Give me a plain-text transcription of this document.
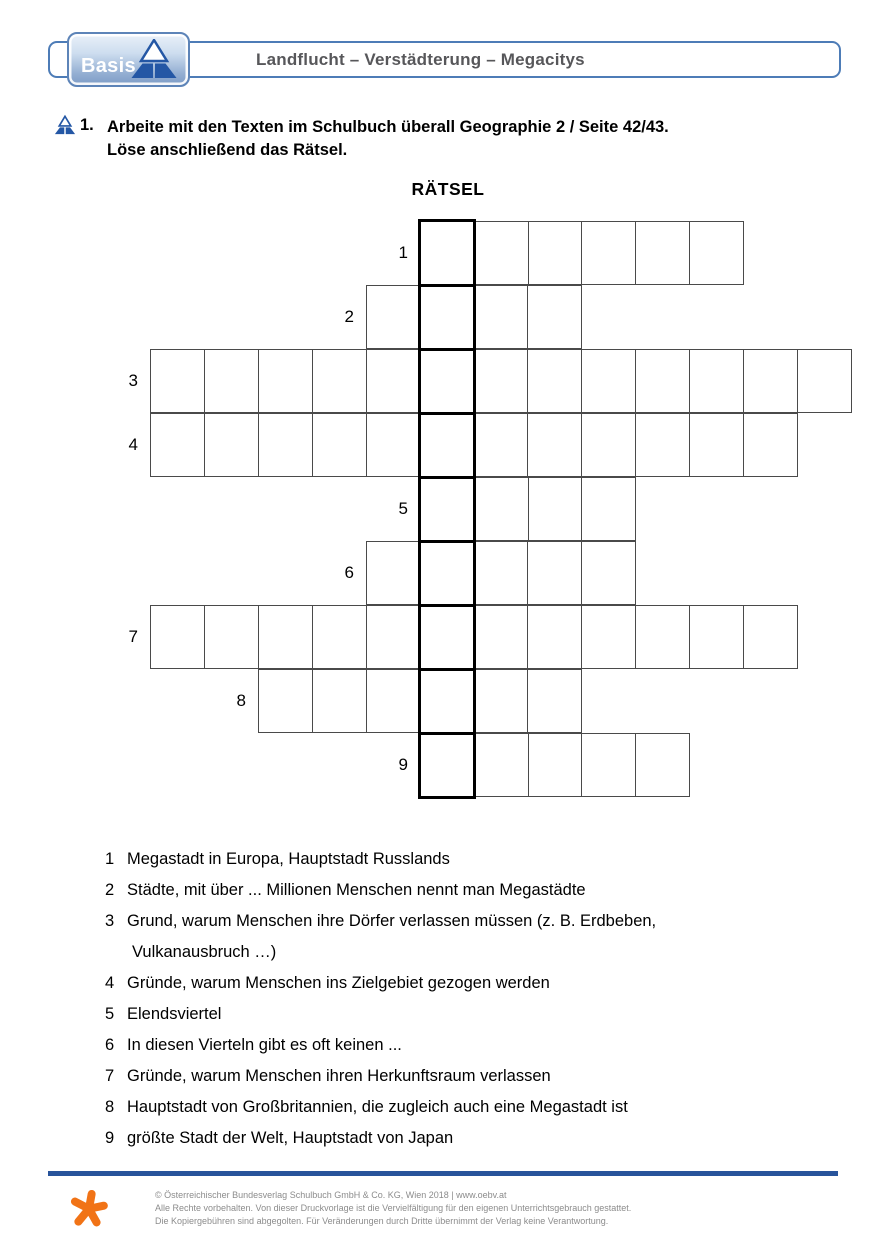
Landflucht – Verstädterung – Megacitys
Basis
1. Arbeite mit den Texten im Schulbuch überall Geographie 2 / Seite 42/43.
Löse anschließend das Rätsel.
RÄTSEL
1
2
3
4
5
6
7
8
9
1 Megastadt in Europa, Hauptstadt Russlands
2 Städte, mit über ... Millionen Menschen nennt man Megastädte
3 Grund, warum Menschen ihre Dörfer verlassen müssen (z. B. Erdbeben,
Vulkanausbruch …)
4 Gründe, warum Menschen ins Zielgebiet gezogen werden
5 Elendsviertel
6 In diesen Vierteln gibt es oft keinen ...
7 Gründe, warum Menschen ihren Herkunftsraum verlassen
8 Hauptstadt von Großbritannien, die zugleich auch eine Megastadt ist
9 größte Stadt der Welt, Hauptstadt von Japan
© Österreichischer Bundesverlag Schulbuch GmbH & Co. KG, Wien 2018 | www.oebv.at
Alle Rechte vorbehalten. Von dieser Druckvorlage ist die Vervielfältigung für den eigenen Unterrichtsgebrauch gestattet.
Die Kopiergebühren sind abgegolten. Für Veränderungen durch Dritte übernimmt der Verlag keine Verantwortung.
